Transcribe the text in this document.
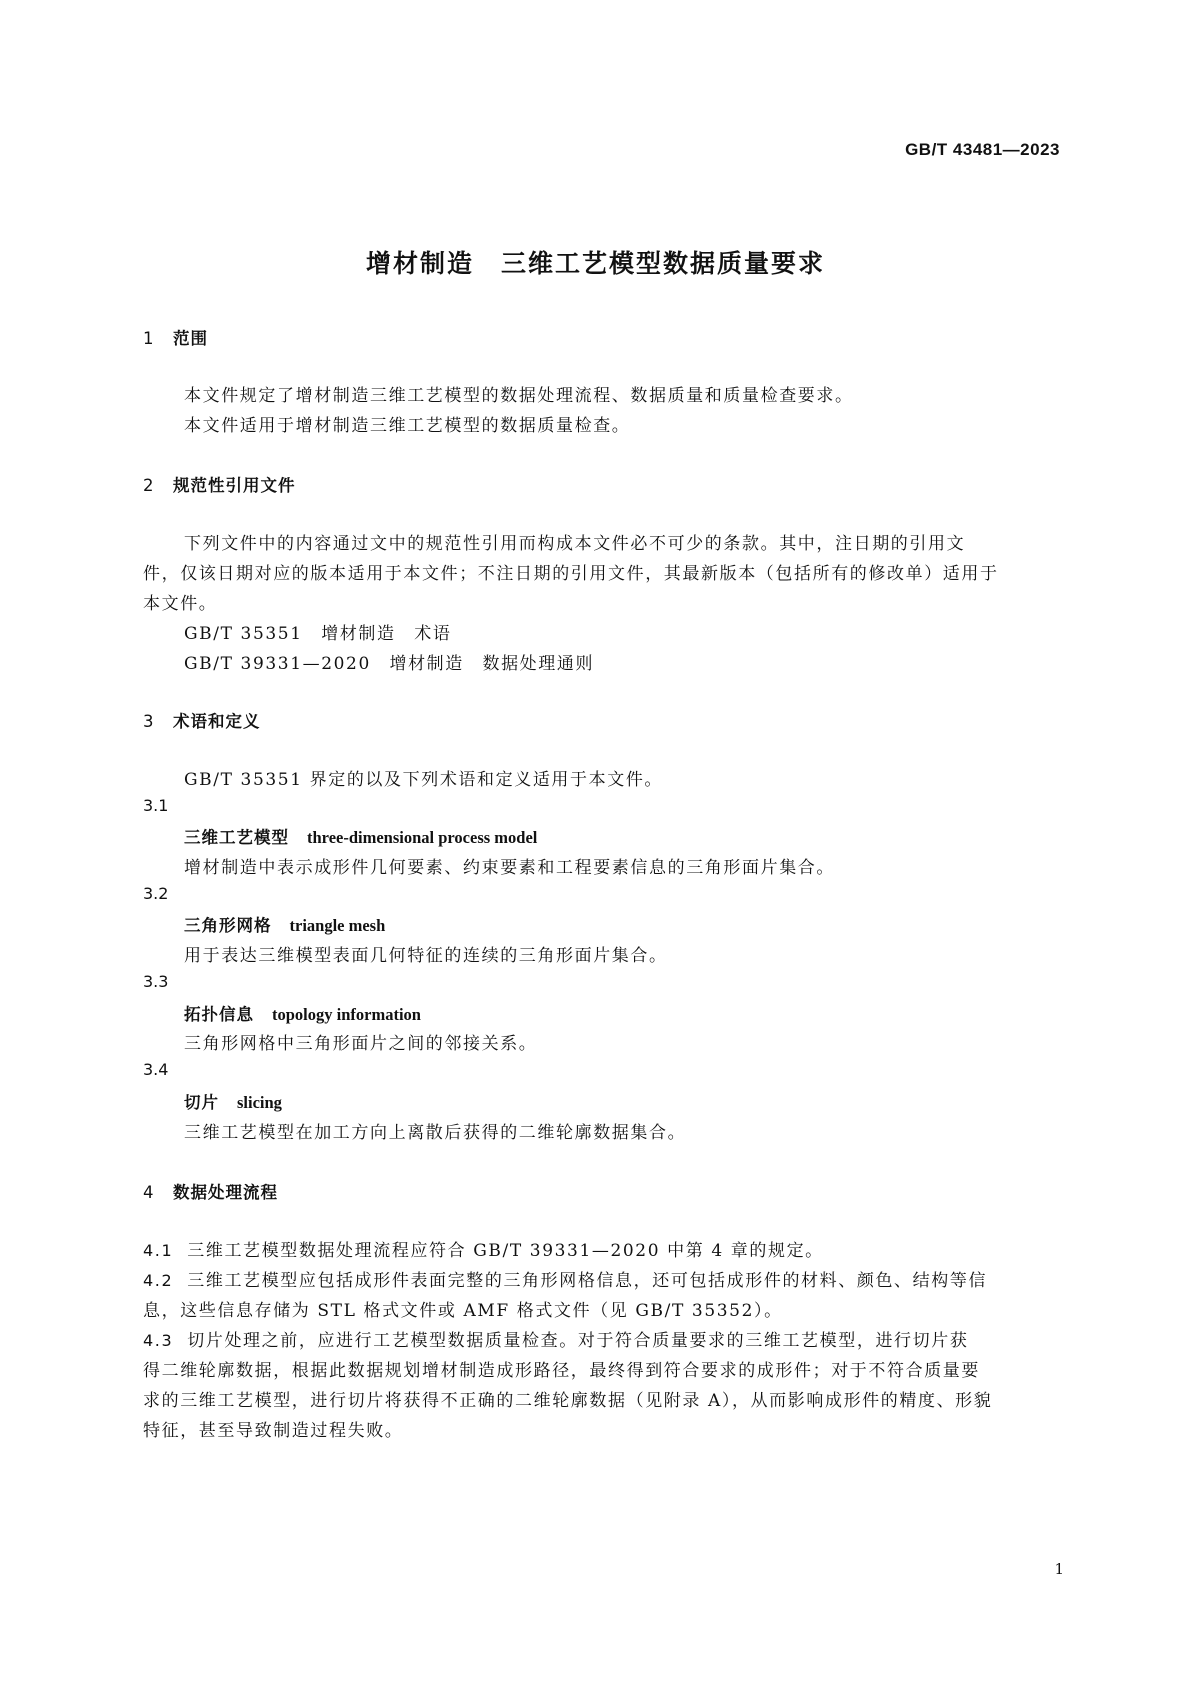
GB/T 43481—2023
增材制造　三维工艺模型数据质量要求
1 范围
本文件规定了增材制造三维工艺模型的数据处理流程、数据质量和质量检查要求。
本文件适用于增材制造三维工艺模型的数据质量检查。
2 规范性引用文件
下列文件中的内容通过文中的规范性引用而构成本文件必不可少的条款。其中，注日期的引用文
件，仅该日期对应的版本适用于本文件；不注日期的引用文件，其最新版本（包括所有的修改单）适用于
本文件。
GB/T 35351　增材制造　术语
GB/T 39331—2020　增材制造　数据处理通则
3 术语和定义
GB/T 35351 界定的以及下列术语和定义适用于本文件。
3.1
三维工艺模型 three-dimensional process model
增材制造中表示成形件几何要素、约束要素和工程要素信息的三角形面片集合。
3.2
三角形网格 triangle mesh
用于表达三维模型表面几何特征的连续的三角形面片集合。
3.3
拓扑信息 topology information
三角形网格中三角形面片之间的邻接关系。
3.4
切片 slicing
三维工艺模型在加工方向上离散后获得的二维轮廓数据集合。
4 数据处理流程
4.1 三维工艺模型数据处理流程应符合 GB/T 39331—2020 中第 4 章的规定。
4.2 三维工艺模型应包括成形件表面完整的三角形网格信息，还可包括成形件的材料、颜色、结构等信
息，这些信息存储为 STL 格式文件或 AMF 格式文件（见 GB/T 35352）。
4.3 切片处理之前，应进行工艺模型数据质量检查。对于符合质量要求的三维工艺模型，进行切片获
得二维轮廓数据，根据此数据规划增材制造成形路径，最终得到符合要求的成形件；对于不符合质量要
求的三维工艺模型，进行切片将获得不正确的二维轮廓数据（见附录 A），从而影响成形件的精度、形貌
特征，甚至导致制造过程失败。
1
